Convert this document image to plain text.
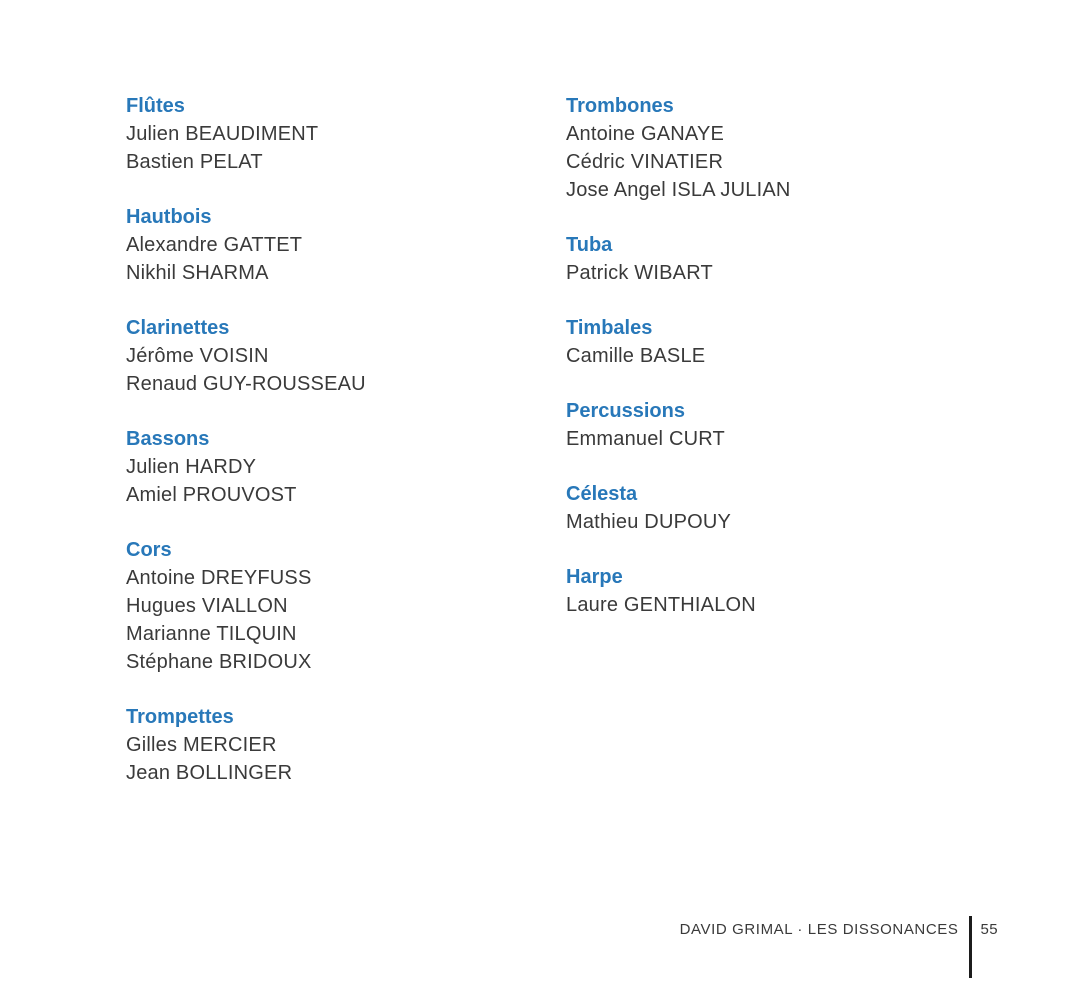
Flûtes

Julien BEAUDIMENT

Bastien PELAT

Hautbois

Alexandre GATTET

Nikhil SHARMA

Clarinettes

Jérôme VOISIN

Renaud GUY-ROUSSEAU

Bassons

Julien HARDY

Amiel PROUVOST

Cors

Antoine DREYFUSS

Hugues VIALLON

Marianne TILQUIN

Stéphane BRIDOUX

Trompettes

Gilles MERCIER

Jean BOLLINGER

Trombones

Antoine GANAYE

Cédric VINATIER

Jose Angel ISLA JULIAN

Tuba

Patrick WIBART

Timbales

Camille BASLE

Percussions

Emmanuel CURT

Célesta

Mathieu DUPOUY

Harpe

Laure GENTHIALON

DAVID GRIMAL · LES DISSONANCES 55
